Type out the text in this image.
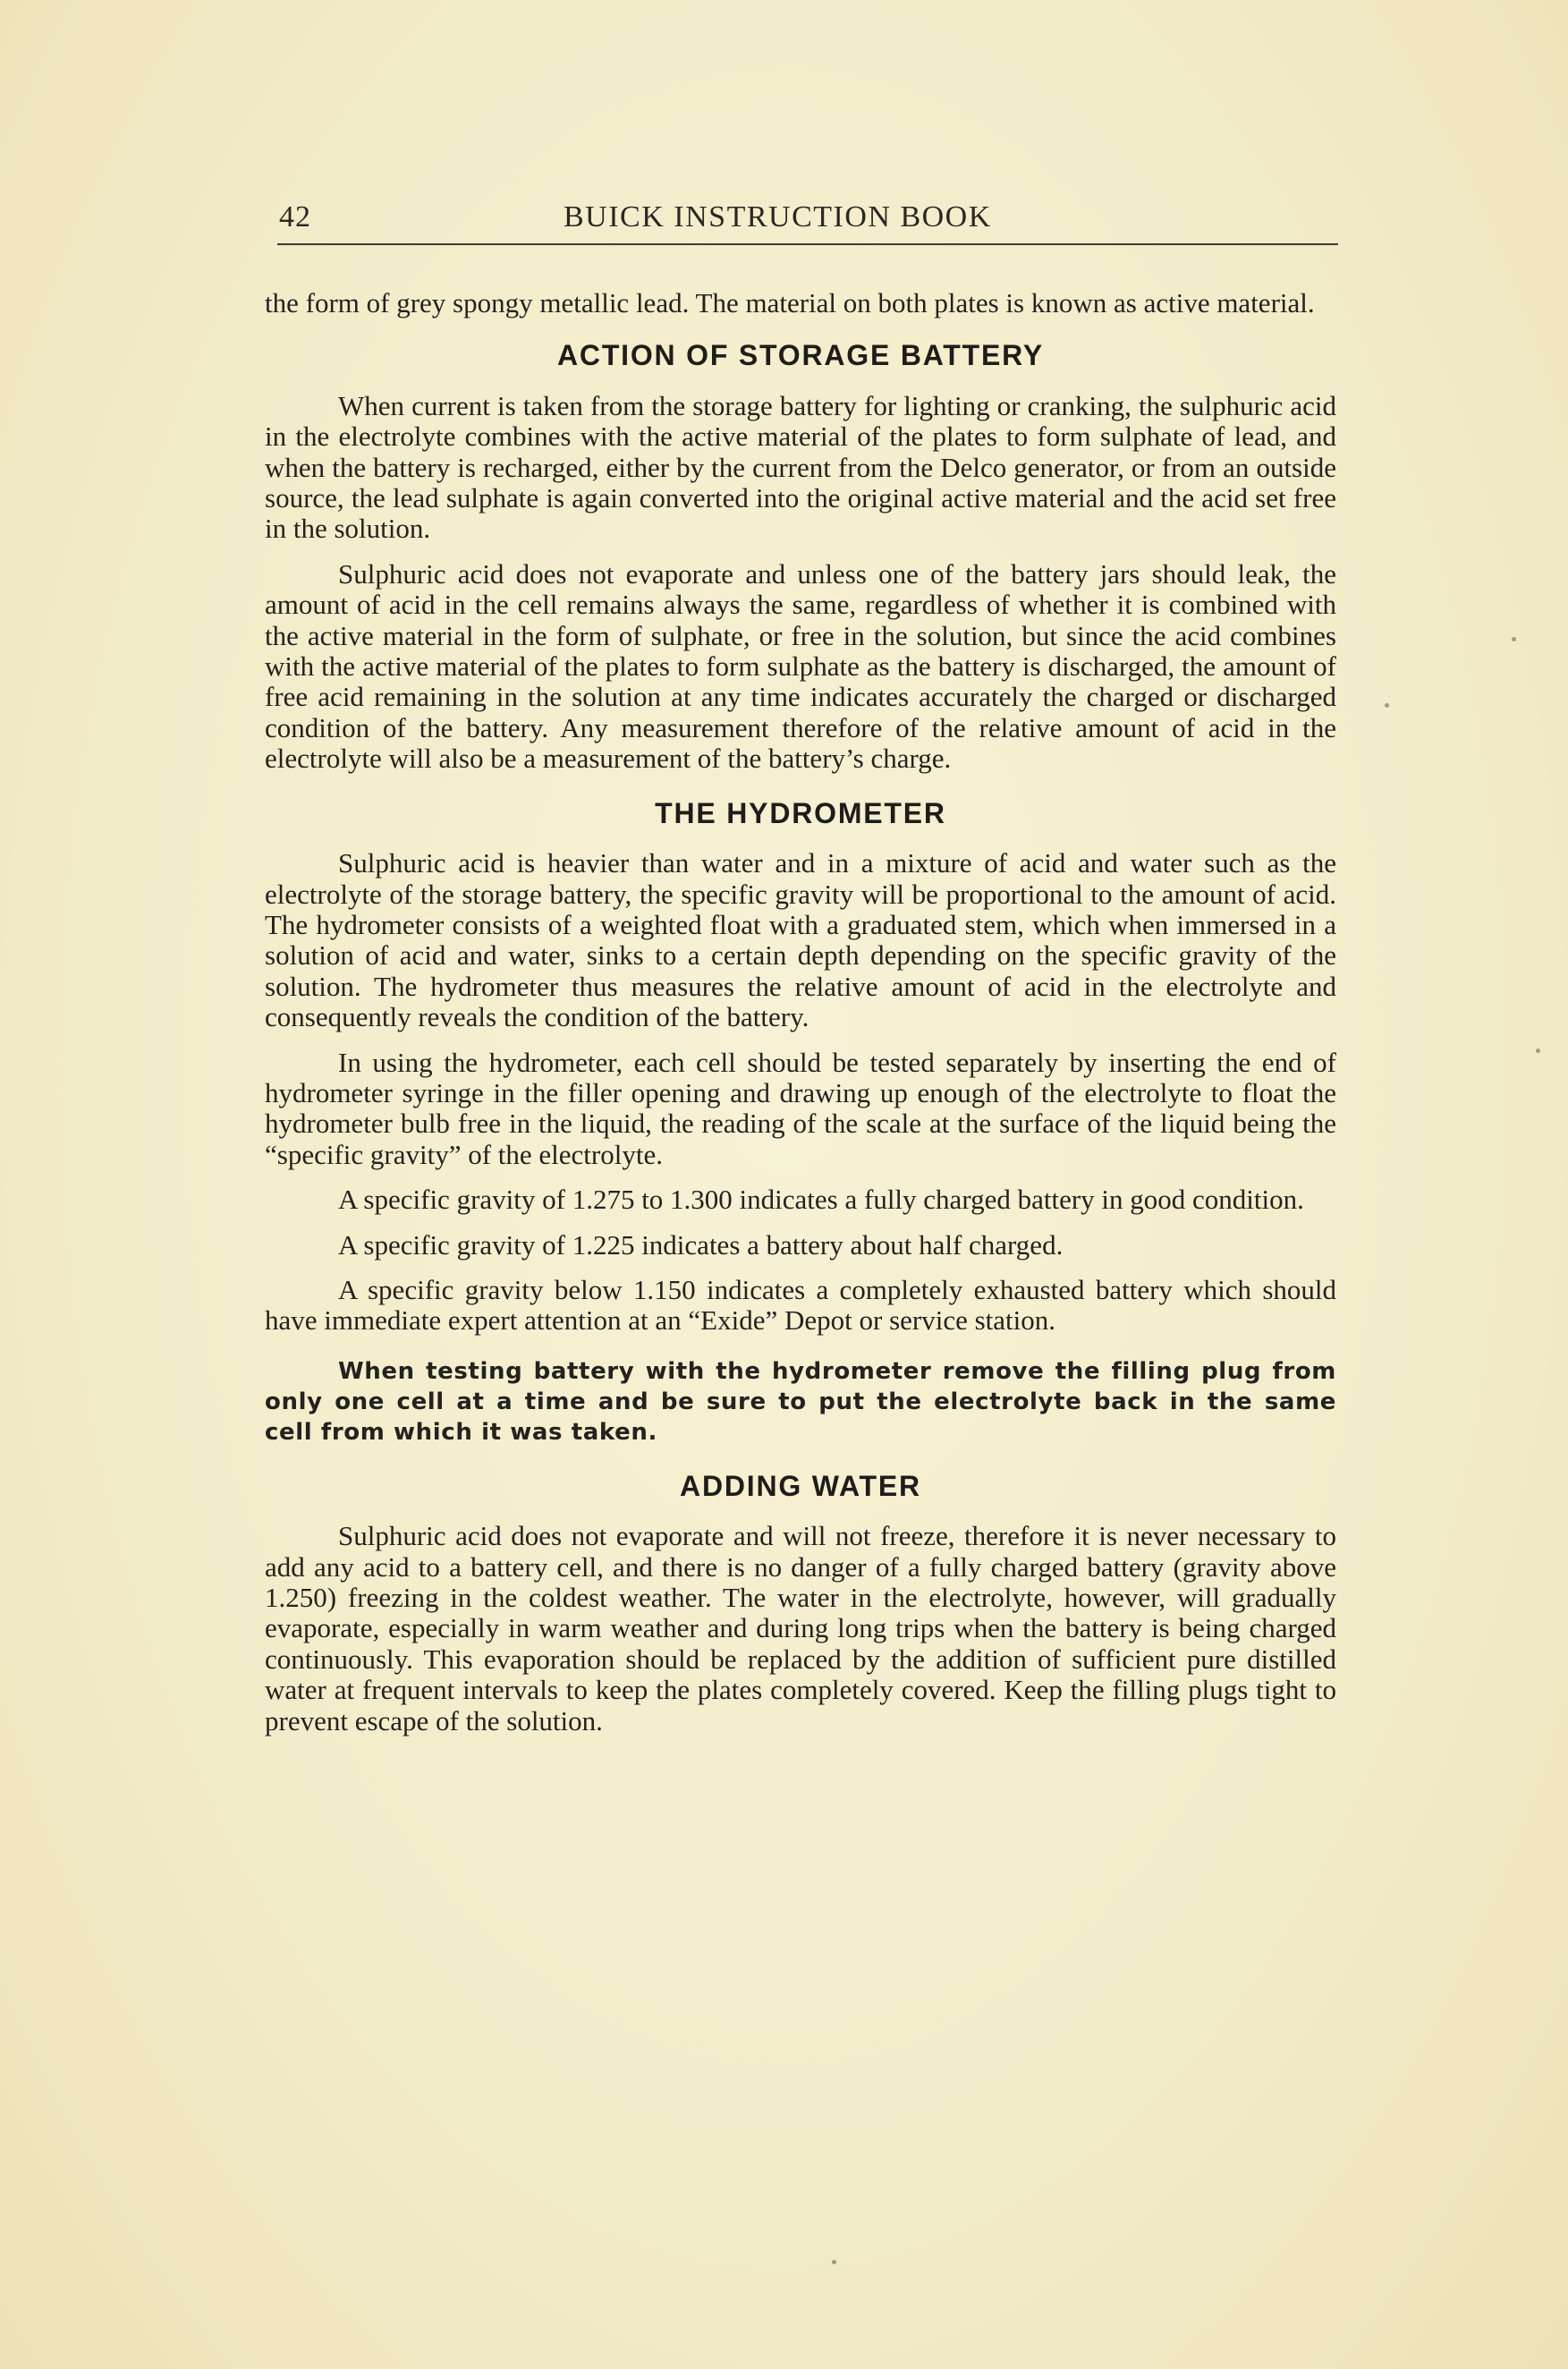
42	BUICK INSTRUCTION BOOK

the form of grey spongy metallic lead. The material on both plates is known as active material.

ACTION OF STORAGE BATTERY

When current is taken from the storage battery for lighting or cranking, the sulphuric acid in the electrolyte combines with the active material of the plates to form sulphate of lead, and when the battery is recharged, either by the current from the Delco generator, or from an outside source, the lead sulphate is again converted into the original active material and the acid set free in the solution.

Sulphuric acid does not evaporate and unless one of the battery jars should leak, the amount of acid in the cell remains always the same, regardless of whether it is combined with the active material in the form of sulphate, or free in the solution, but since the acid combines with the active material of the plates to form sulphate as the battery is discharged, the amount of free acid remaining in the solution at any time indicates accurately the charged or discharged condition of the battery. Any measurement therefore of the relative amount of acid in the electrolyte will also be a measurement of the battery’s charge.

THE HYDROMETER

Sulphuric acid is heavier than water and in a mixture of acid and water such as the electrolyte of the storage battery, the specific gravity will be proportional to the amount of acid. The hydrometer consists of a weighted float with a graduated stem, which when immersed in a solution of acid and water, sinks to a certain depth depending on the specific gravity of the solution. The hydrometer thus measures the relative amount of acid in the electrolyte and consequently reveals the condition of the battery.

In using the hydrometer, each cell should be tested separately by inserting the end of hydrometer syringe in the filler opening and drawing up enough of the electrolyte to float the hydrometer bulb free in the liquid, the reading of the scale at the surface of the liquid being the “specific gravity” of the electrolyte.

A specific gravity of 1.275 to 1.300 indicates a fully charged battery in good condition.

A specific gravity of 1.225 indicates a battery about half charged.

A specific gravity below 1.150 indicates a completely exhausted battery which should have immediate expert attention at an “Exide” Depot or service station.

When testing battery with the hydrometer remove the filling plug from only one cell at a time and be sure to put the electrolyte back in the same cell from which it was taken.

ADDING WATER

Sulphuric acid does not evaporate and will not freeze, therefore it is never necessary to add any acid to a battery cell, and there is no danger of a fully charged battery (gravity above 1.250) freezing in the coldest weather. The water in the electrolyte, however, will gradually evaporate, especially in warm weather and during long trips when the battery is being charged continuously. This evaporation should be replaced by the addition of sufficient pure distilled water at frequent intervals to keep the plates completely covered. Keep the filling plugs tight to prevent escape of the solution.
